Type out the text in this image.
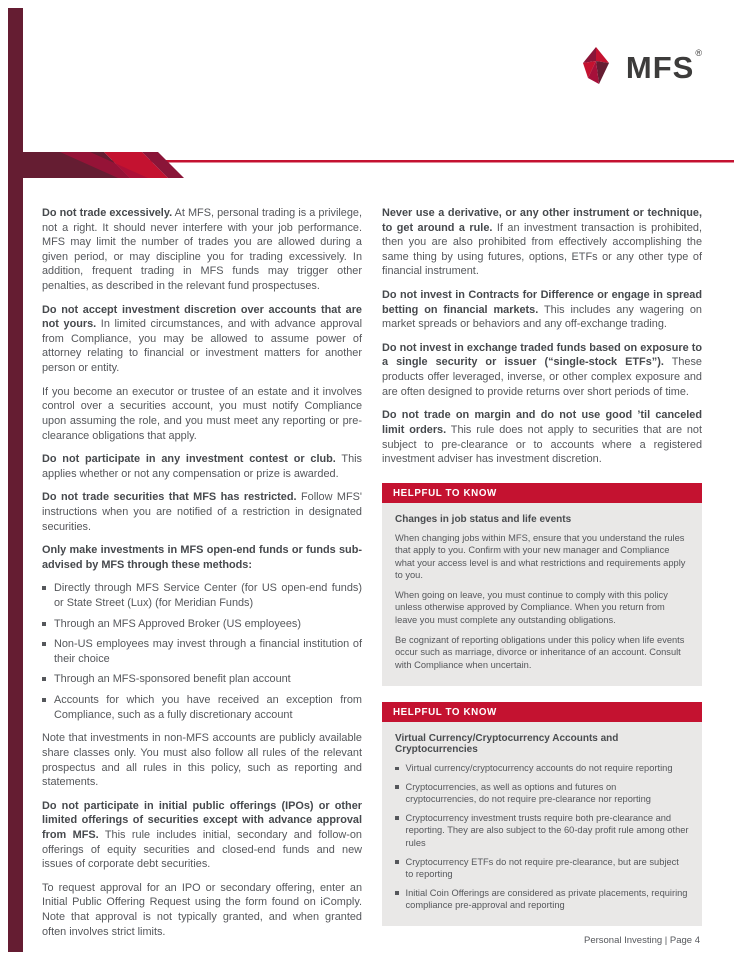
MFS ®

Do not trade excessively. At MFS, personal trading is a privilege, not a right. It should never interfere with your job performance. MFS may limit the number of trades you are allowed during a given period, or may discipline you for trading excessively. In addition, frequent trading in MFS funds may trigger other penalties, as described in the relevant fund prospectuses.

Do not accept investment discretion over accounts that are not yours. In limited circumstances, and with advance approval from Compliance, you may be allowed to assume power of attorney relating to financial or investment matters for another person or entity.

If you become an executor or trustee of an estate and it involves control over a securities account, you must notify Compliance upon assuming the role, and you must meet any reporting or pre-clearance obligations that apply.

Do not participate in any investment contest or club. This applies whether or not any compensation or prize is awarded.

Do not trade securities that MFS has restricted. Follow MFS' instructions when you are notified of a restriction in designated securities.

Only make investments in MFS open-end funds or funds sub-advised by MFS through these methods:

Directly through MFS Service Center (for US open-end funds) or State Street (Lux) (for Meridian Funds)
Through an MFS Approved Broker (US employees)
Non-US employees may invest through a financial institution of their choice
Through an MFS-sponsored benefit plan account
Accounts for which you have received an exception from Compliance, such as a fully discretionary account

Note that investments in non-MFS accounts are publicly available share classes only. You must also follow all rules of the relevant prospectus and all rules in this policy, such as reporting and statements.

Do not participate in initial public offerings (IPOs) or other limited offerings of securities except with advance approval from MFS. This rule includes initial, secondary and follow-on offerings of equity securities and closed-end funds and new issues of corporate debt securities.

To request approval for an IPO or secondary offering, enter an Initial Public Offering Request using the form found on iComply. Note that approval is not typically granted, and when granted often involves strict limits.

Never use a derivative, or any other instrument or technique, to get around a rule. If an investment transaction is prohibited, then you are also prohibited from effectively accomplishing the same thing by using futures, options, ETFs or any other type of financial instrument.

Do not invest in Contracts for Difference or engage in spread betting on financial markets. This includes any wagering on market spreads or behaviors and any off-exchange trading.

Do not invest in exchange traded funds based on exposure to a single security or issuer (“single-stock ETFs”). These products offer leveraged, inverse, or other complex exposure and are often designed to provide returns over short periods of time.

Do not trade on margin and do not use good ’til canceled limit orders. This rule does not apply to securities that are not subject to pre-clearance or to accounts where a registered investment adviser has investment discretion.

HELPFUL TO KNOW
Changes in job status and life events

When changing jobs within MFS, ensure that you understand the rules that apply to you. Confirm with your new manager and Compliance what your access level is and what restrictions and requirements apply to you.

When going on leave, you must continue to comply with this policy unless otherwise approved by Compliance. When you return from leave you must complete any outstanding obligations.

Be cognizant of reporting obligations under this policy when life events occur such as marriage, divorce or inheritance of an account. Consult with Compliance when uncertain.

HELPFUL TO KNOW
Virtual Currency/Cryptocurrency Accounts and Cryptocurrencies
Virtual currency/cryptocurrency accounts do not require reporting
Cryptocurrencies, as well as options and futures on cryptocurrencies, do not require pre-clearance nor reporting
Cryptocurrency investment trusts require both pre-clearance and reporting. They are also subject to the 60-day profit rule among other rules
Cryptocurrency ETFs do not require pre-clearance, but are subject to reporting
Initial Coin Offerings are considered as private placements, requiring compliance pre-approval and reporting
Personal Investing | Page 4
